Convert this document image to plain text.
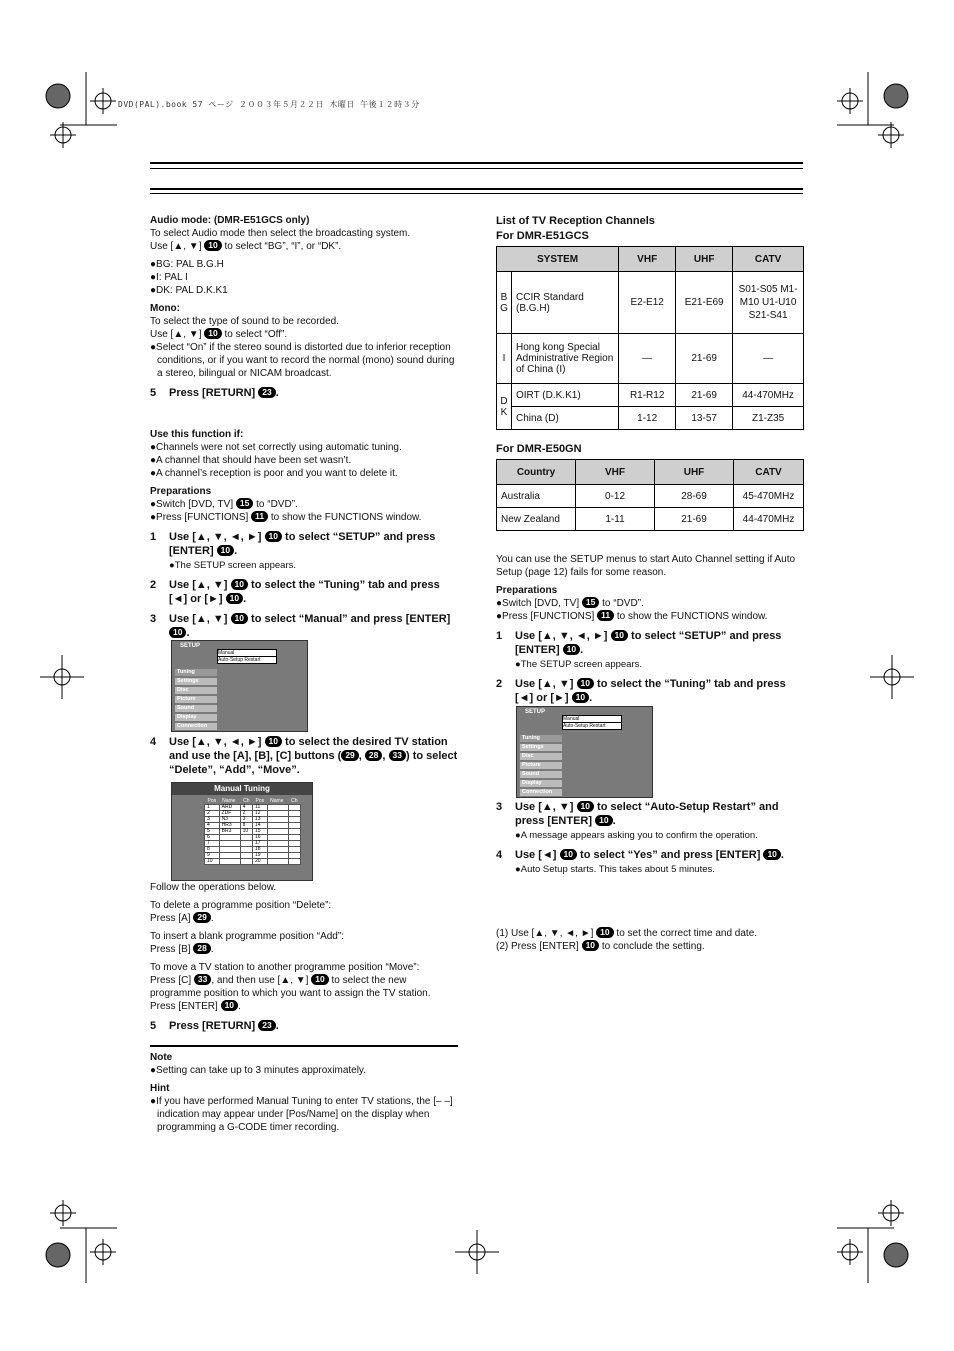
DVD(PAL).book 57 ページ ２００３年５月２２日 木曜日 午後１２時３分

Audio mode: (DMR-E51GCS only)

To select Audio mode then select the broadcasting system.

Use [▲, ▼] 10 to select “BG”, “I”, or “DK”.

●BG: PAL B.G.H

●I: PAL I

●DK: PAL D.K.K1

Mono:

To select the type of sound to be recorded.

Use [▲, ▼] 10 to select “Off”.

●Select “On” if the stereo sound is distorted due to inferior reception conditions, or if you want to record the normal (mono) sound during a stereo, bilingual or NICAM broadcast.

5 Press [RETURN] 23 .

Use this function if:

●Channels were not set correctly using automatic tuning.

●A channel that should have been set wasn’t.

●A channel’s reception is poor and you want to delete it.

Preparations

●Switch [DVD, TV] 15 to “DVD”.

●Press [FUNCTIONS] 11 to show the FUNCTIONS window.

1 Use [▲, ▼, ◄, ►] 10 to select “SETUP” and press [ENTER] 10 .

●The SETUP screen appears.

2 Use [▲, ▼] 10 to select the “Tuning” tab and press [◄] or [►] 10 .
3 Use [▲, ▼] 10 to select “Manual” and press [ENTER] 10 .
SETUP
Manual
Auto-Setup Restart
Tuning
Settings
Disc
Picture
Sound
Display
Connection
4 Use [▲, ▼, ◄, ►] 10 to select the desired TV station and use the [A], [B], [C] buttons ( 29 , 28 , 33 ) to select “Delete”, “Add”, “Move”.
Manual Tuning
Pos	Name	Ch	Pos	Name	Ch
1	ARD	4	11		
2	ZDF	2	12		
3	N3	3	13		
4	HR3	8	14		
5	BR3	10	15		
6			16		
7			17		
8			18		
9			19		
10			20		

Follow the operations below.

To delete a programme position “Delete”:

Press [A] 29 .

To insert a blank programme position “Add”:

Press [B] 28 .

To move a TV station to another programme position “Move”:

Press [C] 33 , and then use [▲, ▼] 10 to select the new programme position to which you want to assign the TV station.

Press [ENTER] 10 .

5 Press [RETURN] 23 .

Note

●Setting can take up to 3 minutes approximately.

Hint

●If you have performed Manual Tuning to enter TV stations, the [– –] indication may appear under [Pos/Name] on the display when programming a G-CODE timer recording.

List of TV Reception Channels

For DMR-E51GCS

SYSTEM		VHF	UHF	CATV
B G	CCIR Standard (B.G.H)	E2-E12	E21-E69	S01-S05 M1-M10 U1-U10 S21-S41
I	Hong kong Special Administrative Region of China (I)	—	21-69	—
D K	OIRT (D.K.K1)	R1-R12	21-69	44-470MHz
	China (D)	1-12	13-57	Z1-Z35
For DMR-E50GN
Country	VHF	UHF	CATV
Australia	0-12	28-69	45-470MHz
New Zealand	1-11	21-69	44-470MHz

You can use the SETUP menus to start Auto Channel setting if Auto Setup (page 12) fails for some reason.

Preparations

●Switch [DVD, TV] 15 to “DVD”.

●Press [FUNCTIONS] 11 to show the FUNCTIONS window.

1 Use [▲, ▼, ◄, ►] 10 to select “SETUP” and press [ENTER] 10 .

●The SETUP screen appears.

2 Use [▲, ▼] 10 to select the “Tuning” tab and press [◄] or [►] 10 .
SETUP
Manual
Auto-Setup Restart
Tuning
Settings
Disc
Picture
Sound
Display
Connection
3 Use [▲, ▼] 10 to select “Auto-Setup Restart” and press [ENTER] 10 .

●A message appears asking you to confirm the operation.

4 Use [◄] 10 to select “Yes” and press [ENTER] 10 .

●Auto Setup starts. This takes about 5 minutes.

(1) Use [▲, ▼, ◄, ►] 10 to set the correct time and date.

(2) Press [ENTER] 10 to conclude the setting.
